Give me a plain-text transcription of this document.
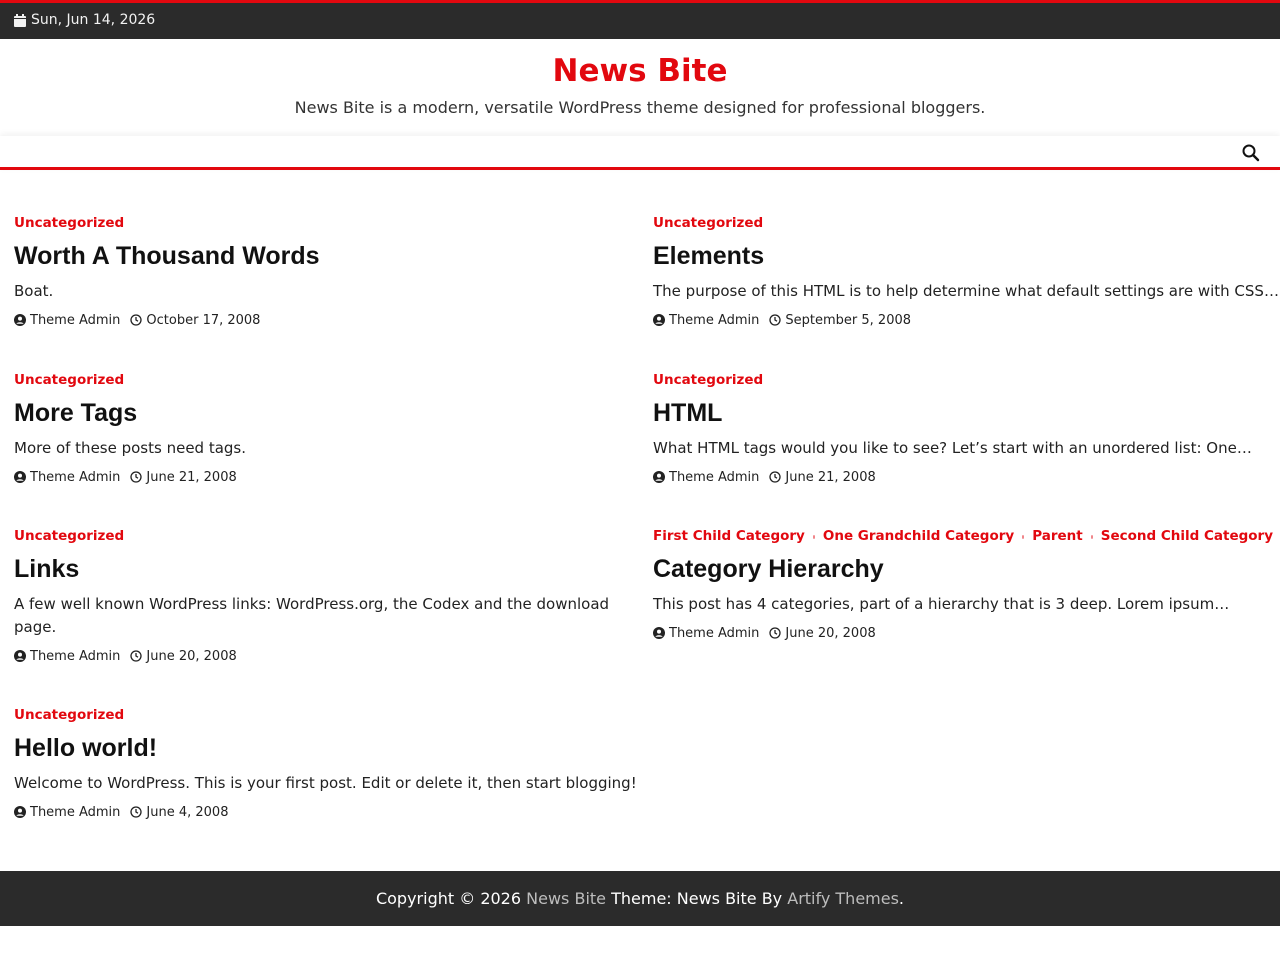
Sun, Jun 14, 2026
News Bite
News Bite is a modern, versatile WordPress theme designed for professional bloggers.
Uncategorized
Worth A Thousand Words

Boat.

Theme Admin October 17, 2008
Uncategorized
Elements

The purpose of this HTML is to help determine what default settings are with CSS…

Theme Admin September 5, 2008
Uncategorized
More Tags

More of these posts need tags.

Theme Admin June 21, 2008
Uncategorized
HTML

What HTML tags would you like to see? Let’s start with an unordered list: One…

Theme Admin June 21, 2008
Uncategorized
Links

A few well known WordPress links: WordPress.org, the Codex and the download page.

Theme Admin June 20, 2008
First Child Category One Grandchild Category Parent Second Child Category
Category Hierarchy

This post has 4 categories, part of a hierarchy that is 3 deep. Lorem ipsum…

Theme Admin June 20, 2008
Uncategorized
Hello world!

Welcome to WordPress. This is your first post. Edit or delete it, then start blogging!

Theme Admin June 4, 2008
Copyright © 2026 News Bite Theme: News Bite By Artify Themes.
